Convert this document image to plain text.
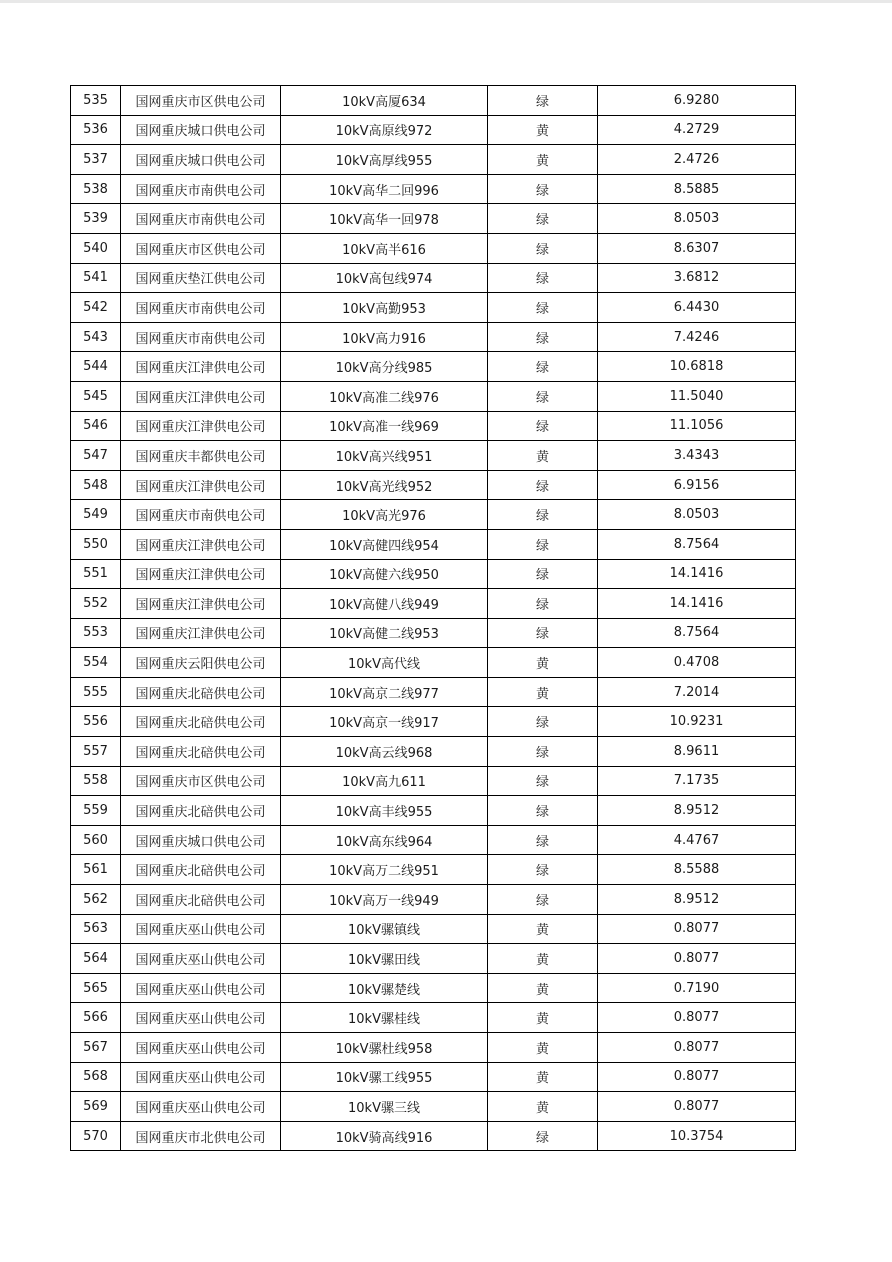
535	国网重庆市区供电公司	10kV高厦634	绿	6.9280
536	国网重庆城口供电公司	10kV高原线972	黄	4.2729
537	国网重庆城口供电公司	10kV高厚线955	黄	2.4726
538	国网重庆市南供电公司	10kV高华二回996	绿	8.5885
539	国网重庆市南供电公司	10kV高华一回978	绿	8.0503
540	国网重庆市区供电公司	10kV高半616	绿	8.6307
541	国网重庆垫江供电公司	10kV高包线974	绿	3.6812
542	国网重庆市南供电公司	10kV高勤953	绿	6.4430
543	国网重庆市南供电公司	10kV高力916	绿	7.4246
544	国网重庆江津供电公司	10kV高分线985	绿	10.6818
545	国网重庆江津供电公司	10kV高准二线976	绿	11.5040
546	国网重庆江津供电公司	10kV高准一线969	绿	11.1056
547	国网重庆丰都供电公司	10kV高兴线951	黄	3.4343
548	国网重庆江津供电公司	10kV高光线952	绿	6.9156
549	国网重庆市南供电公司	10kV高光976	绿	8.0503
550	国网重庆江津供电公司	10kV高健四线954	绿	8.7564
551	国网重庆江津供电公司	10kV高健六线950	绿	14.1416
552	国网重庆江津供电公司	10kV高健八线949	绿	14.1416
553	国网重庆江津供电公司	10kV高健二线953	绿	8.7564
554	国网重庆云阳供电公司	10kV高代线	黄	0.4708
555	国网重庆北碚供电公司	10kV高京二线977	黄	7.2014
556	国网重庆北碚供电公司	10kV高京一线917	绿	10.9231
557	国网重庆北碚供电公司	10kV高云线968	绿	8.9611
558	国网重庆市区供电公司	10kV高九611	绿	7.1735
559	国网重庆北碚供电公司	10kV高丰线955	绿	8.9512
560	国网重庆城口供电公司	10kV高东线964	绿	4.4767
561	国网重庆北碚供电公司	10kV高万二线951	绿	8.5588
562	国网重庆北碚供电公司	10kV高万一线949	绿	8.9512
563	国网重庆巫山供电公司	10kV骡镇线	黄	0.8077
564	国网重庆巫山供电公司	10kV骡田线	黄	0.8077
565	国网重庆巫山供电公司	10kV骡楚线	黄	0.7190
566	国网重庆巫山供电公司	10kV骡桂线	黄	0.8077
567	国网重庆巫山供电公司	10kV骡杜线958	黄	0.8077
568	国网重庆巫山供电公司	10kV骡工线955	黄	0.8077
569	国网重庆巫山供电公司	10kV骡三线	黄	0.8077
570	国网重庆市北供电公司	10kV骑高线916	绿	10.3754
